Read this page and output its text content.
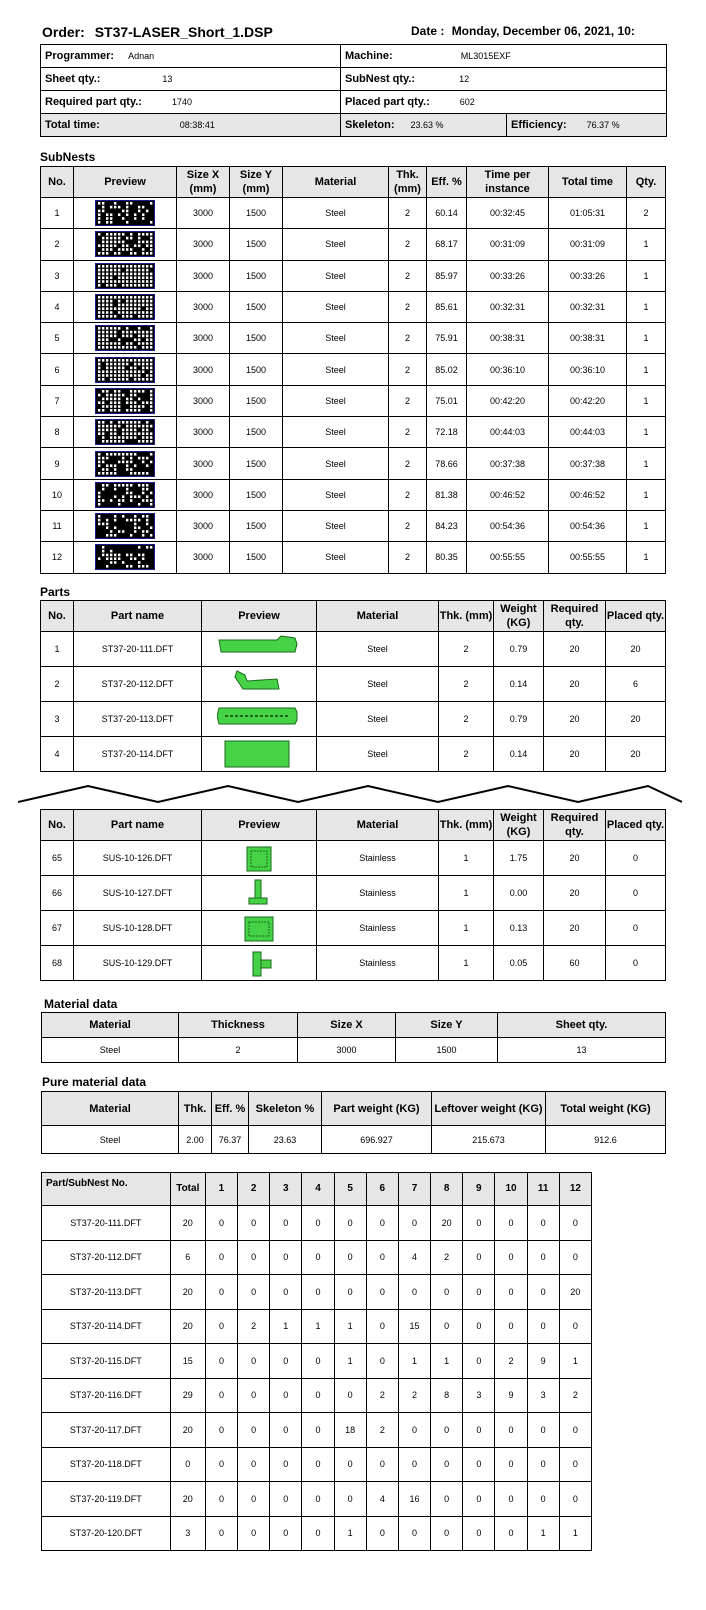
Order: ST37-LASER_Short_1.DSP	Date : Monday, December 06, 2021, 10:
Programmer: Adnan	Machine: ML3015EXF	
Sheet qty.: 13	SubNest qty.: 12	
Required part qty.: 1740	Placed part qty.: 602	
Total time: 08:38:41	Skeleton: 23.63 %	Efficiency: 76.37 %
SubNests
No.	Preview	Size X (mm)	Size Y (mm)	Material	Thk. (mm)	Eff. %	Time per instance	Total time	Qty.
1		3000	1500	Steel	2	60.14	00:32:45	01:05:31	2
2		3000	1500	Steel	2	68.17	00:31:09	00:31:09	1
3		3000	1500	Steel	2	85.97	00:33:26	00:33:26	1
4		3000	1500	Steel	2	85.61	00:32:31	00:32:31	1
5		3000	1500	Steel	2	75.91	00:38:31	00:38:31	1
6		3000	1500	Steel	2	85.02	00:36:10	00:36:10	1
7		3000	1500	Steel	2	75.01	00:42:20	00:42:20	1
8		3000	1500	Steel	2	72.18	00:44:03	00:44:03	1
9		3000	1500	Steel	2	78.66	00:37:38	00:37:38	1
10		3000	1500	Steel	2	81.38	00:46:52	00:46:52	1
11		3000	1500	Steel	2	84.23	00:54:36	00:54:36	1
12		3000	1500	Steel	2	80.35	00:55:55	00:55:55	1
Parts
No.	Part name	Preview	Material	Thk. (mm)	Weight (KG)	Required qty.	Placed qty.
1	ST37-20-111.DFT		Steel	2	0.79	20	20
2	ST37-20-112.DFT		Steel	2	0.14	20	6
3	ST37-20-113.DFT		Steel	2	0.79	20	20
4	ST37-20-114.DFT		Steel	2	0.14	20	20
No.	Part name	Preview	Material	Thk. (mm)	Weight (KG)	Required qty.	Placed qty.
65	SUS-10-126.DFT		Stainless	1	1.75	20	0
66	SUS-10-127.DFT		Stainless	1	0.00	20	0
67	SUS-10-128.DFT		Stainless	1	0.13	20	0
68	SUS-10-129.DFT		Stainless	1	0.05	60	0
Material data
Material	Thickness	Size X	Size Y	Sheet qty.
Steel	2	3000	1500	13
Pure material data
Material	Thk.	Eff. %	Skeleton %	Part weight (KG)	Leftover weight (KG)	Total weight (KG)
Steel	2.00	76.37	23.63	696.927	215.673	912.6
Part/SubNest No.	Total	1	2	3	4	5	6	7	8	9	10	11	12
ST37-20-111.DFT	20	0	0	0	0	0	0	0	20	0	0	0	0
ST37-20-112.DFT	6	0	0	0	0	0	0	4	2	0	0	0	0
ST37-20-113.DFT	20	0	0	0	0	0	0	0	0	0	0	0	20
ST37-20-114.DFT	20	0	2	1	1	1	0	15	0	0	0	0	0
ST37-20-115.DFT	15	0	0	0	0	1	0	1	1	0	2	9	1
ST37-20-116.DFT	29	0	0	0	0	0	2	2	8	3	9	3	2
ST37-20-117.DFT	20	0	0	0	0	18	2	0	0	0	0	0	0
ST37-20-118.DFT	0	0	0	0	0	0	0	0	0	0	0	0	0
ST37-20-119.DFT	20	0	0	0	0	0	4	16	0	0	0	0	0
ST37-20-120.DFT	3	0	0	0	0	1	0	0	0	0	0	1	1
